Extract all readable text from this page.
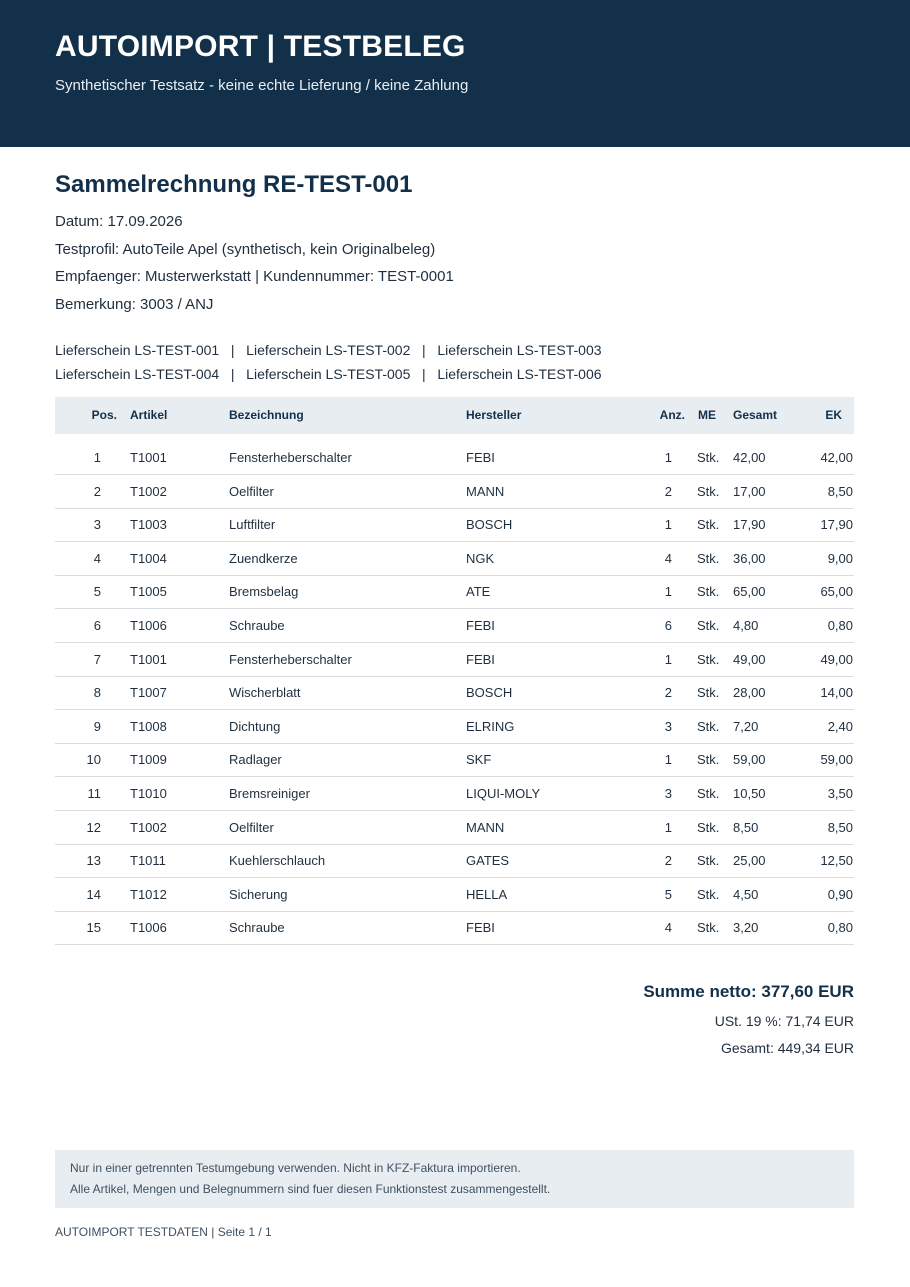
AUTOIMPORT | TESTBELEG
Synthetischer Testsatz - keine echte Lieferung / keine Zahlung
Sammelrechnung RE-TEST-001
Datum: 17.09.2026
Testprofil: AutoTeile Apel (synthetisch, kein Originalbeleg)
Empfaenger: Musterwerkstatt | Kundennummer: TEST-0001
Bemerkung: 3003 / ANJ
Lieferschein LS-TEST-001   |   Lieferschein LS-TEST-002   |   Lieferschein LS-TEST-003
Lieferschein LS-TEST-004   |   Lieferschein LS-TEST-005   |   Lieferschein LS-TEST-006
Pos. Artikel	Bezeichnung	Hersteller	Anz. ME Gesamt	EK
1 T1001	Fensterheberschalter	FEBI	1 Stk. 42,00	42,00
2 T1002	Oelfilter	MANN	2 Stk. 17,00	8,50
3 T1003	Luftfilter	BOSCH	1 Stk. 17,90	17,90
4 T1004	Zuendkerze	NGK	4 Stk. 36,00	9,00
5 T1005	Bremsbelag	ATE	1 Stk. 65,00	65,00
6 T1006	Schraube	FEBI	6 Stk. 4,80	0,80
7 T1001	Fensterheberschalter	FEBI	1 Stk. 49,00	49,00
8 T1007	Wischerblatt	BOSCH	2 Stk. 28,00	14,00
9 T1008	Dichtung	ELRING	3 Stk. 7,20	2,40
10 T1009	Radlager	SKF	1 Stk. 59,00	59,00
11 T1010	Bremsreiniger	LIQUI-MOLY	3 Stk. 10,50	3,50
12 T1002	Oelfilter	MANN	1 Stk. 8,50	8,50
13 T1011	Kuehlerschlauch	GATES	2 Stk. 25,00	12,50
14 T1012	Sicherung	HELLA	5 Stk. 4,50	0,90
15 T1006	Schraube	FEBI	4 Stk. 3,20	0,80
Summe netto: 377,60 EUR
USt. 19 %: 71,74 EUR
Gesamt: 449,34 EUR
Nur in einer getrennten Testumgebung verwenden. Nicht in KFZ-Faktura importieren.
Alle Artikel, Mengen und Belegnummern sind fuer diesen Funktionstest zusammengestellt.
AUTOIMPORT TESTDATEN | Seite 1 / 1
